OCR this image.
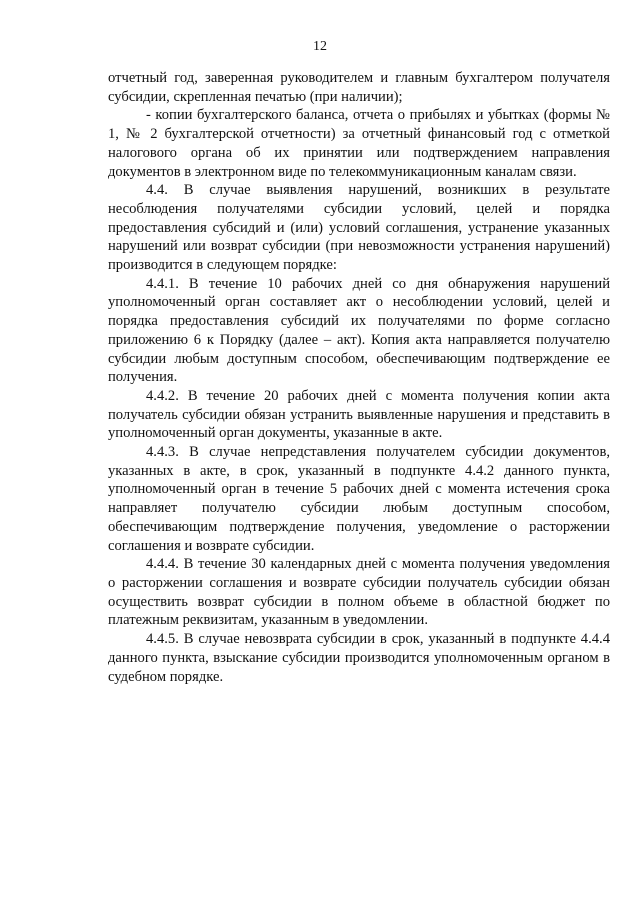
12

отчетный год, заверенная руководителем и главным бухгалтером получателя субсидии, скрепленная печатью (при наличии);

- копии бухгалтерского баланса, отчета о прибылях и убытках (формы № 1, № 2 бухгалтерской отчетности) за отчетный финансовый год с отметкой налогового органа об их принятии или подтверждением направления документов в электронном виде по телекоммуникационным каналам связи.

4.4. В случае выявления нарушений, возникших в результате несоблюдения получателями субсидии условий, целей и порядка предоставления субсидий и (или) условий соглашения, устранение указанных нарушений или возврат субсидии (при невозможности устранения нарушений) производится в следующем порядке:

4.4.1. В течение 10 рабочих дней со дня обнаружения нарушений уполномоченный орган составляет акт о несоблюдении условий, целей и порядка предоставления субсидий их получателями по форме согласно приложению 6 к Порядку (далее – акт). Копия акта направляется получателю субсидии любым доступным способом, обеспечивающим подтверждение ее получения.

4.4.2. В течение 20 рабочих дней с момента получения копии акта получатель субсидии обязан устранить выявленные нарушения и представить в уполномоченный орган документы, указанные в акте.

4.4.3. В случае непредставления получателем субсидии документов, указанных в акте, в срок, указанный в подпункте 4.4.2 данного пункта, уполномоченный орган в течение 5 рабочих дней с момента истечения срока направляет получателю субсидии любым доступным способом, обеспечивающим подтверждение получения, уведомление о расторжении соглашения и возврате субсидии.

4.4.4. В течение 30 календарных дней с момента получения уведомления о расторжении соглашения и возврате субсидии получатель субсидии обязан осуществить возврат субсидии в полном объеме в областной бюджет по платежным реквизитам, указанным в уведомлении.

4.4.5. В случае невозврата субсидии в срок, указанный в подпункте 4.4.4 данного пункта, взыскание субсидии производится уполномоченным органом в судебном порядке.
